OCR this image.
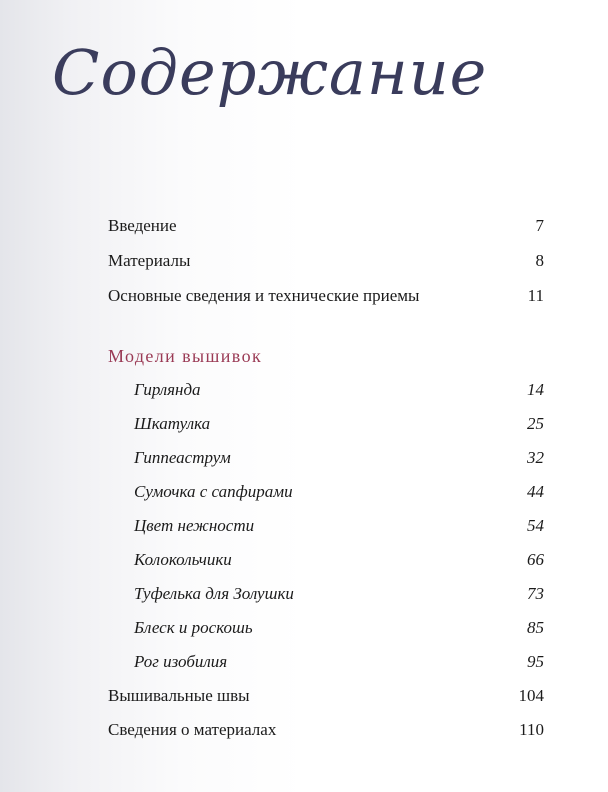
Содержание
Введение	7
Материалы	8
Основные сведения и технические приемы	11
Модели вышивок
Гирлянда	14
Шкатулка	25
Гиппеаструм	32
Сумочка с сапфирами	44
Цвет нежности	54
Колокольчики	66
Туфелька для Золушки	73
Блеск и роскошь	85
Рог изобилия	95
Вышивальные швы	104
Сведения о материалах	110
